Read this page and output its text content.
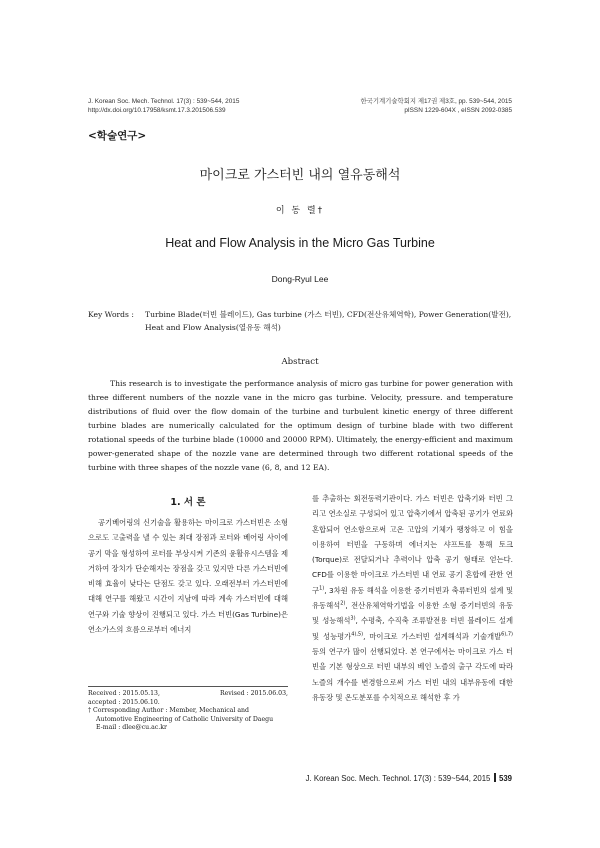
J. Korean Soc. Mech. Technol. 17(3) : 539~544, 2015
http://dx.doi.org/10.17958/ksmt.17.3.201506.539
한국기계기술학회지 제17권 제3호, pp. 539~544, 2015
pISSN 1229-604X , eISSN 2092-0385
<학술연구>
마이크로 가스터빈 내의 열유동해석
이 동 렬†
Heat and Flow Analysis in the Micro Gas Turbine
Dong-Ryul Lee
Key Words : Turbine Blade(터빈 블레이드), Gas turbine (가스 터빈), CFD(전산유체역학), Power Generation(발전),
Heat and Flow Analysis(열유동 해석)
Abstract
This research is to investigate the performance analysis of micro gas turbine for power generation with three different numbers of the nozzle vane in the micro gas turbine. Velocity, pressure. and temperature distributions of fluid over the flow domain of the turbine and turbulent kinetic energy of three different turbine blades are numerically calculated for the optimum design of turbine blade with two different rotational speeds of the turbine blade (10000 and 20000 RPM). Ultimately, the energy-efficient and maximum power-generated shape of the nozzle vane are determined through two different rotational speeds of the turbine with three shapes of the nozzle vane (6, 8, and 12 EA).
1. 서 론
공기베어링의 신기술을 활용하는 마이크로 가스터빈은 소형으로도 고출력을 낼 수 있는 최대 장점과 로터와 베어링 사이에 공기 막을 형성하여 로터를 부상시켜 기존의 윤활유시스템을 제거하여 장치가 단순해지는 장점을 갖고 있지만 다른 가스터빈에 비해 효율이 낮다는 단점도 갖고 있다. 오래전부터 가스터빈에 대해 연구를 해왔고 시간이 지남에 따라 계속 가스터빈에 대해 연구와 기술 향상이 진행되고 있다. 가스 터빈(Gas Turbine)은 연소가스의 흐름으로부터 에너지
를 추출하는 회전동력기관이다. 가스 터빈은 압축기와 터빈 그리고 연소실로 구성되어 있고 압축기에서 압축된 공기가 연료와 혼합되어 연소함으로써 고온 고압의 기체가 팽창하고 이 힘을 이용하여 터빈을 구동하며 에너지는 샤프트를 통해 토크(Torque)로 전달되거나 추력이나 압축 공기 형태로 얻는다. CFD를 이용한 마이크로 가스터빈 내 연료 공기 혼합에 관한 연구$^{1)}$, 3차원 유동 해석을 이용한 증기터빈과 축류터빈의 설계 및 유동해석$^{2)}$, 전산유체역학기법을 이용한 소형 증기터빈의 유동 및 성능해석$^{3)}$, 수평축, 수직축 조류발전용 터빈 블레이드 설계 및 성능평가$^{4),5)}$, 마이크로 가스터빈 설계해석과 기술개발$^{6),7)}$ 등의 연구가 많이 선행되었다. 본 연구에서는 마이크로 가스 터빈을 기본 형상으로 터빈 내부의 베인 노즐의 출구 각도에 따라 노즐의 개수를 변경함으로써 가스 터빈 내의 내부유동에 대한 유동장 및 온도분포를 수치적으로 해석한 후 가
Received : 2015.05.13,	Revised : 2015.06.03,
accepted : 2015.06.10.
† Corresponding Author : Member, Mechanical and
Automotive Engineering of Catholic University of Daegu
E-mail : dlee@cu.ac.kr
J. Korean Soc. Mech. Technol. 17(3) : 539~544, 2015 539
